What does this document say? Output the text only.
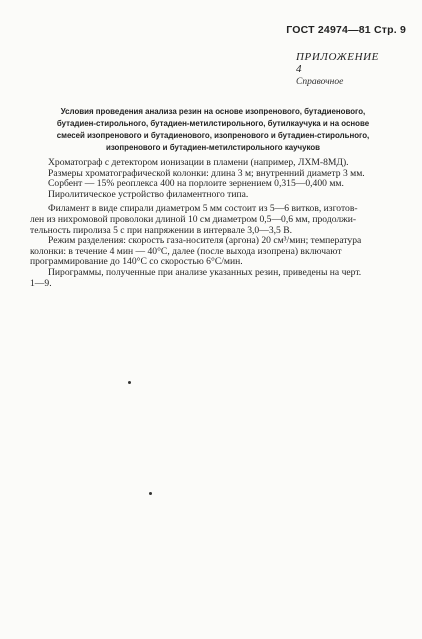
ГОСТ 24974—81 Стр. 9
ПРИЛОЖЕНИЕ 4
Справочное
Условия проведения анализа резин на основе изопренового, бутадиенового,
бутадиен-стирольного, бутадиен-метилстирольного, бутилкаучука и на основе
смесей изопренового и бутадиенового, изопренового и бутадиен-стирольного,
изопренового и бутадиен-метилстирольного каучуков
Хроматограф с детектором ионизации в пламени (например, ЛХМ-8МД).
Размеры хроматографической колонки: длина 3 м; внутренний диаметр 3 мм.
Сорбент — 15% реоплекса 400 на порлоите зернением 0,315—0,400 мм.
Пиролитическое устройство филаментного типа.
Филамент в виде спирали диаметром 5 мм состоит из 5—6 витков, изготов-
лен из нихромовой проволоки длиной 10 см диаметром 0,5—0,6 мм, продолжи-
тельность пиролиза 5 с при напряжении в интервале 3,0—3,5 В.
Режим разделения: скорость газа-носителя (аргона) 20 см³/мин; температура
колонки: в течение 4 мин — 40°С, далее (после выхода изопрена) включают
программирование до 140°С со скоростью 6°С/мин.
Пирограммы, полученные при анализе указанных резин, приведены на черт.
1—9.
